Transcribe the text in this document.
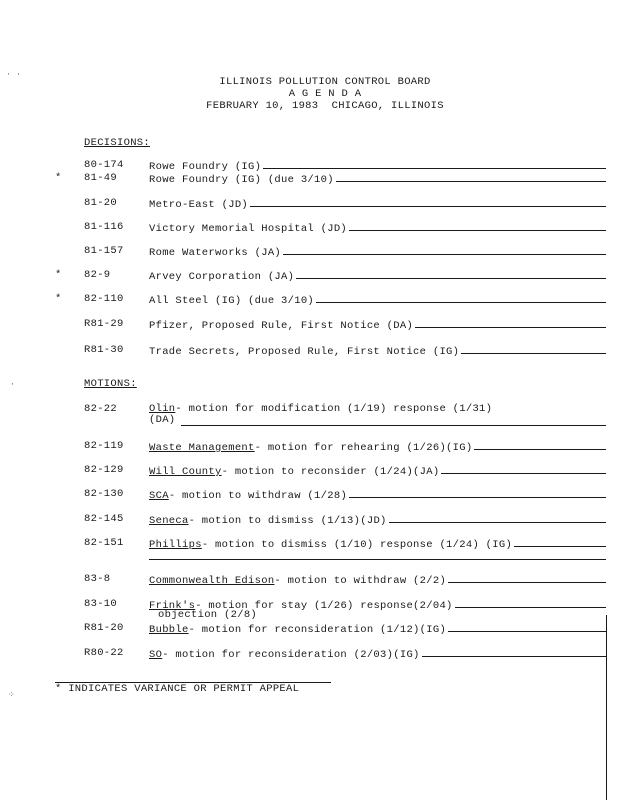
ILLINOIS POLLUTION CONTROL BOARD
A G E N D A
FEBRUARY 10, 1983  CHICAGO, ILLINOIS
DECISIONS:
80-174 Rowe Foundry (IG)
* 81-49	Rowe Foundry (IG) (due 3/10)
81-20	Metro-East (JD)
81-116 Victory Memorial Hospital (JD)
81-157 Rome Waterworks (JA)
* 82-9	Arvey Corporation (JA)
* 82-110 All Steel (IG) (due 3/10)
R81-29 Pfizer, Proposed Rule, First Notice (DA)
R81-30 Trade Secrets, Proposed Rule, First Notice (IG)
MOTIONS:
82-22	Olin - motion for modification (1/19) response (1/31)
(DA)
82-119 Waste Management - motion for rehearing (1/26)(IG)
82-129 Will County - motion to reconsider (1/24)(JA)
82-130 SCA - motion to withdraw (1/28)
82-145 Seneca - motion to dismiss (1/13)(JD)
82-151 Phillips - motion to dismiss (1/10) response (1/24) (IG)
83-8	Commonwealth Edison - motion to withdraw (2/2)
83-10	Frink's - motion for stay (1/26) response(2/04)
objection (2/8)
R81-20 Bubble - motion for reconsideration (1/12)(IG)
R80-22 SO - motion for reconsideration (2/03)(IG)
* INDICATES VARIANCE OR PERMIT APPEAL
· ·
·
⁘
